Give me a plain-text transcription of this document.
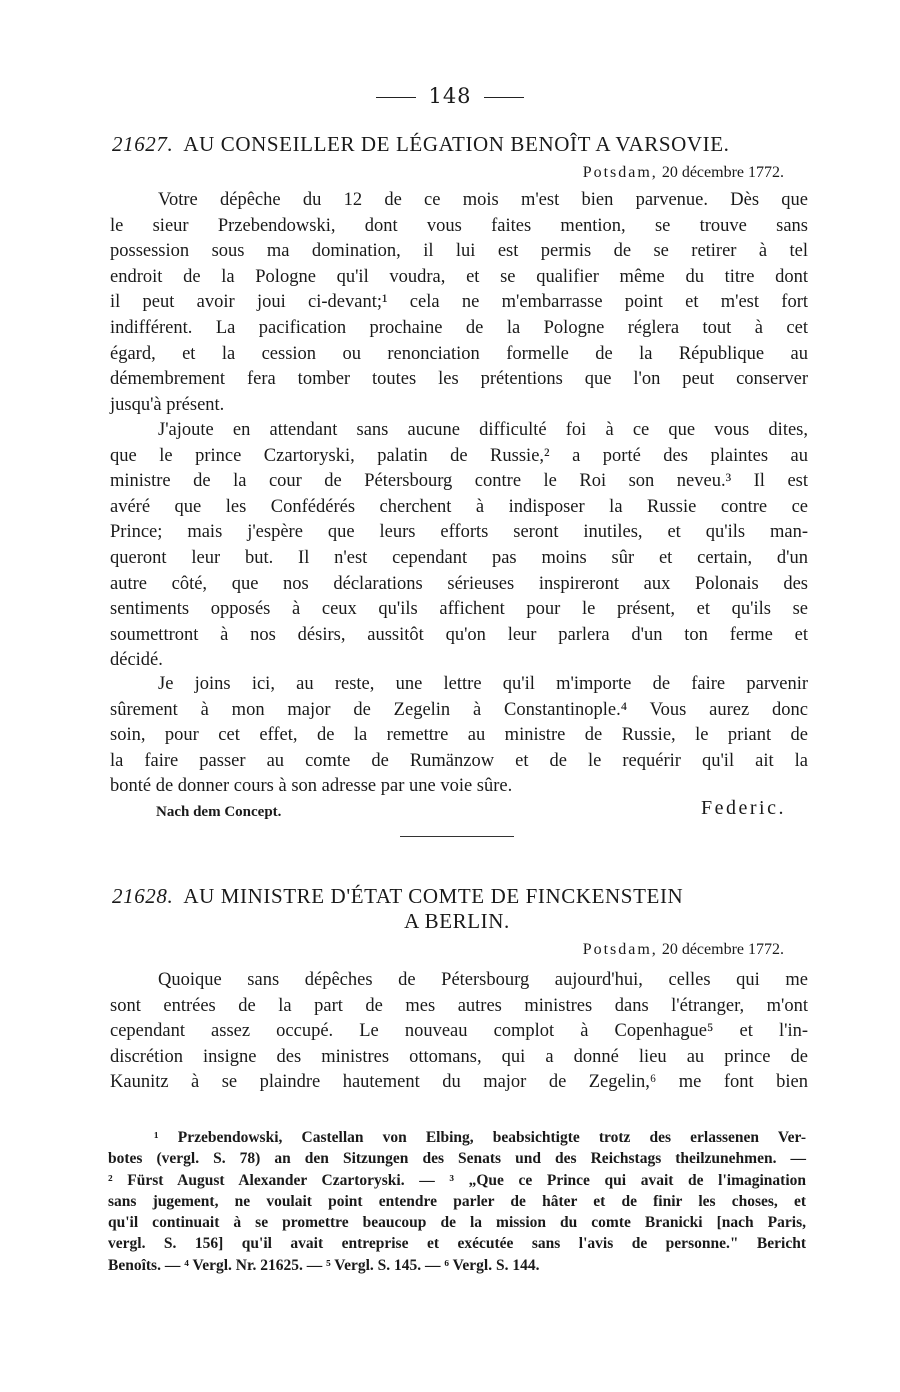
148
21627. AU CONSEILLER DE LÉGATION BENOÎT A VARSOVIE.
Potsdam, 20 décembre 1772.
Votre dépêche du 12 de ce mois m'est bien parvenue. Dès que
le sieur Przebendowski, dont vous faites mention, se trouve sans
possession sous ma domination, il lui est permis de se retirer à tel
endroit de la Pologne qu'il voudra, et se qualifier même du titre dont
il peut avoir joui ci-devant;¹ cela ne m'embarrasse point et m'est fort
indifférent. La pacification prochaine de la Pologne réglera tout à cet
égard, et la cession ou renonciation formelle de la République au
démembrement fera tomber toutes les prétentions que l'on peut conserver
jusqu'à présent.
J'ajoute en attendant sans aucune difficulté foi à ce que vous dites,
que le prince Czartoryski, palatin de Russie,² a porté des plaintes au
ministre de la cour de Pétersbourg contre le Roi son neveu.³ Il est
avéré que les Confédérés cherchent à indisposer la Russie contre ce
Prince; mais j'espère que leurs efforts seront inutiles, et qu'ils man-
queront leur but. Il n'est cependant pas moins sûr et certain, d'un
autre côté, que nos déclarations sérieuses inspireront aux Polonais des
sentiments opposés à ceux qu'ils affichent pour le présent, et qu'ils se
soumettront à nos désirs, aussitôt qu'on leur parlera d'un ton ferme et
décidé.
Je joins ici, au reste, une lettre qu'il m'importe de faire parvenir
sûrement à mon major de Zegelin à Constantinople.⁴ Vous aurez donc
soin, pour cet effet, de la remettre au ministre de Russie, le priant de
la faire passer au comte de Rumänzow et de le requérir qu'il ait la
bonté de donner cours à son adresse par une voie sûre.
Nach dem Concept.	Federic.
21628. AU MINISTRE D'ÉTAT COMTE DE FINCKENSTEIN
A BERLIN.
Potsdam, 20 décembre 1772.
Quoique sans dépêches de Pétersbourg aujourd'hui, celles qui me
sont entrées de la part de mes autres ministres dans l'étranger, m'ont
cependant assez occupé. Le nouveau complot à Copenhague⁵ et l'in-
discrétion insigne des ministres ottomans, qui a donné lieu au prince de
Kaunitz à se plaindre hautement du major de Zegelin,⁶ me font bien
¹ Przebendowski, Castellan von Elbing, beabsichtigte trotz des erlassenen Ver-
botes (vergl. S. 78) an den Sitzungen des Senats und des Reichstags theilzunehmen. —
² Fürst August Alexander Czartoryski. — ³ „Que ce Prince qui avait de l'imagination
sans jugement, ne voulait point entendre parler de hâter et de finir les choses, et
qu'il continuait à se promettre beaucoup de la mission du comte Branicki [nach Paris,
vergl. S. 156] qu'il avait entreprise et exécutée sans l'avis de personne." Bericht
Benoîts. — ⁴ Vergl. Nr. 21625. — ⁵ Vergl. S. 145. — ⁶ Vergl. S. 144.
